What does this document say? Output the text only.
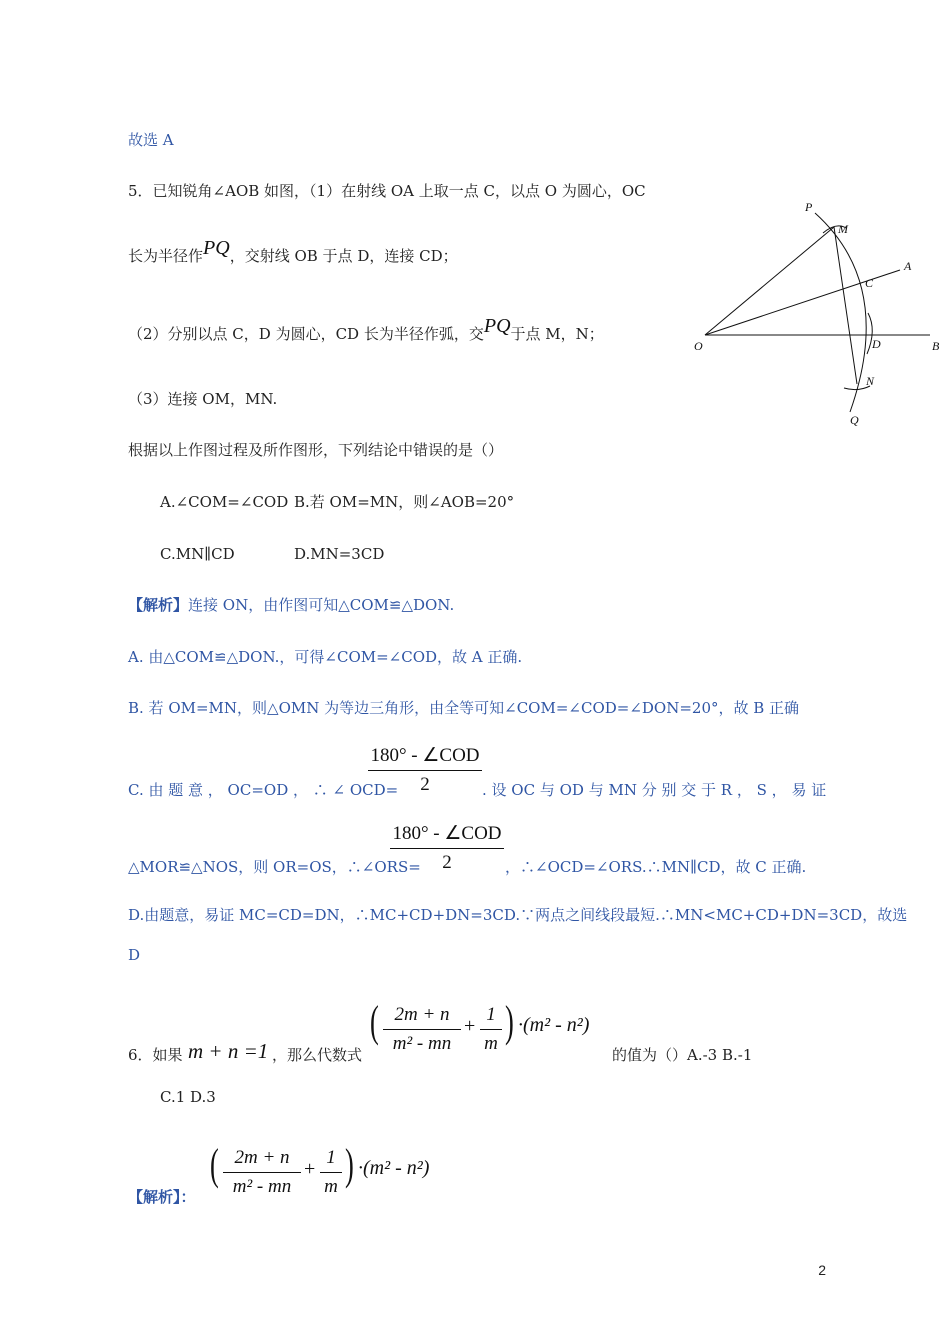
故选 A
5．已知锐角∠AOB 如图，（1）在射线 OA 上取一点 C，以点 O 为圆心，OC
长为半径作PQ，交射线 OB 于点 D，连接 CD；
（2）分别以点 C，D 为圆心，CD 长为半径作弧，交PQ于点 M，N；
（3）连接 OM，MN.
根据以上作图过程及所作图形，下列结论中错误的是（）
A.∠COM=∠COD B.若 OM=MN，则∠AOB=20°
C.MN∥CD	D.MN=3CD
P
M
A
C
O	D	B
N
Q
【解析】连接 ON，由作图可知△COM≌△DON.
A. 由△COM≌△DON.，可得∠COM=∠COD，故 A 正确.
B. 若 OM=MN，则△OMN 为等边三角形，由全等可知∠COM=∠COD=∠DON=20°，故 B 正确
C. 由 题 意 ， OC=OD ， ∴ ∠ OCD=
180° - ∠COD
2	. 设 OC 与 OD 与 MN 分 别 交 于 R ， S ， 易 证
△MOR≌△NOS，则 OR=OS，∴∠ORS=
180° - ∠COD
2	，∴∠OCD=∠ORS.∴MN∥CD，故 C 正确.
D.由题意，易证 MC=CD=DN，∴MC+CD+DN=3CD.∵两点之间线段最短.∴MN<MC+CD+DN=3CD，故选
D
6．如果 m + n =1 ，那么代数式
( 2m + n
m² - mn
+
1
m ) ·(m² - n²)
的值为（）A.-3 B.-1
C.1 D.3
【解析】：
( 2m + n
m² - mn
+
1
m ) ·(m² - n²)
2
